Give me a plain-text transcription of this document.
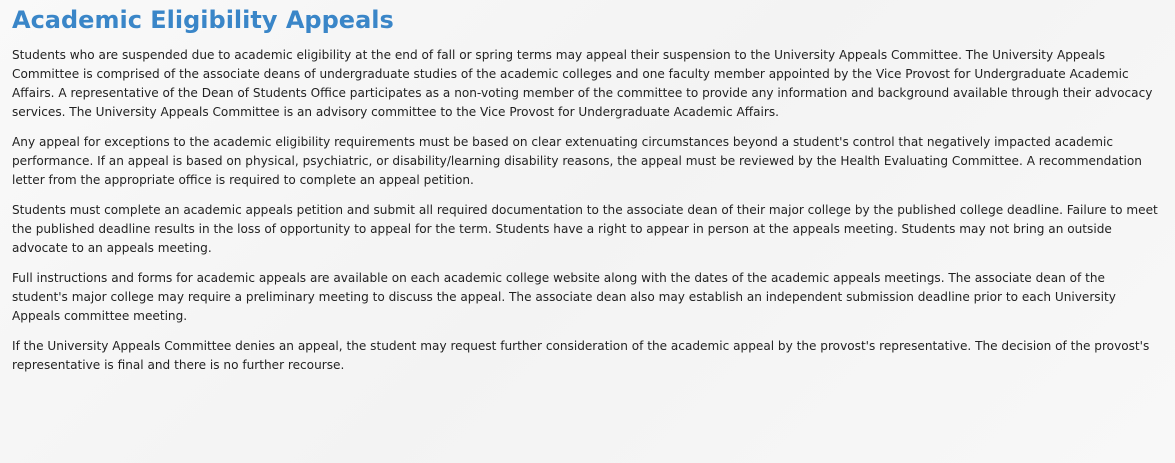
Academic Eligibility Appeals

Students who are suspended due to academic eligibility at the end of fall or spring terms may appeal their suspension to the University Appeals Committee. The University Appeals Committee is comprised of the associate deans of undergraduate studies of the academic colleges and one faculty member appointed by the Vice Provost for Undergraduate Academic Affairs. A representative of the Dean of Students Office participates as a non-voting member of the committee to provide any information and background available through their advocacy services. The University Appeals Committee is an advisory committee to the Vice Provost for Undergraduate Academic Affairs.

Any appeal for exceptions to the academic eligibility requirements must be based on clear extenuating circumstances beyond a student's control that negatively impacted academic performance. If an appeal is based on physical, psychiatric, or disability/learning disability reasons, the appeal must be reviewed by the Health Evaluating Committee. A recommendation letter from the appropriate office is required to complete an appeal petition.

Students must complete an academic appeals petition and submit all required documentation to the associate dean of their major college by the published college deadline. Failure to meet the published deadline results in the loss of opportunity to appeal for the term. Students have a right to appear in person at the appeals meeting. Students may not bring an outside advocate to an appeals meeting.

Full instructions and forms for academic appeals are available on each academic college website along with the dates of the academic appeals meetings. The associate dean of the student's major college may require a preliminary meeting to discuss the appeal. The associate dean also may establish an independent submission deadline prior to each University Appeals committee meeting.

If the University Appeals Committee denies an appeal, the student may request further consideration of the academic appeal by the provost's representative. The decision of the provost's representative is final and there is no further recourse.
